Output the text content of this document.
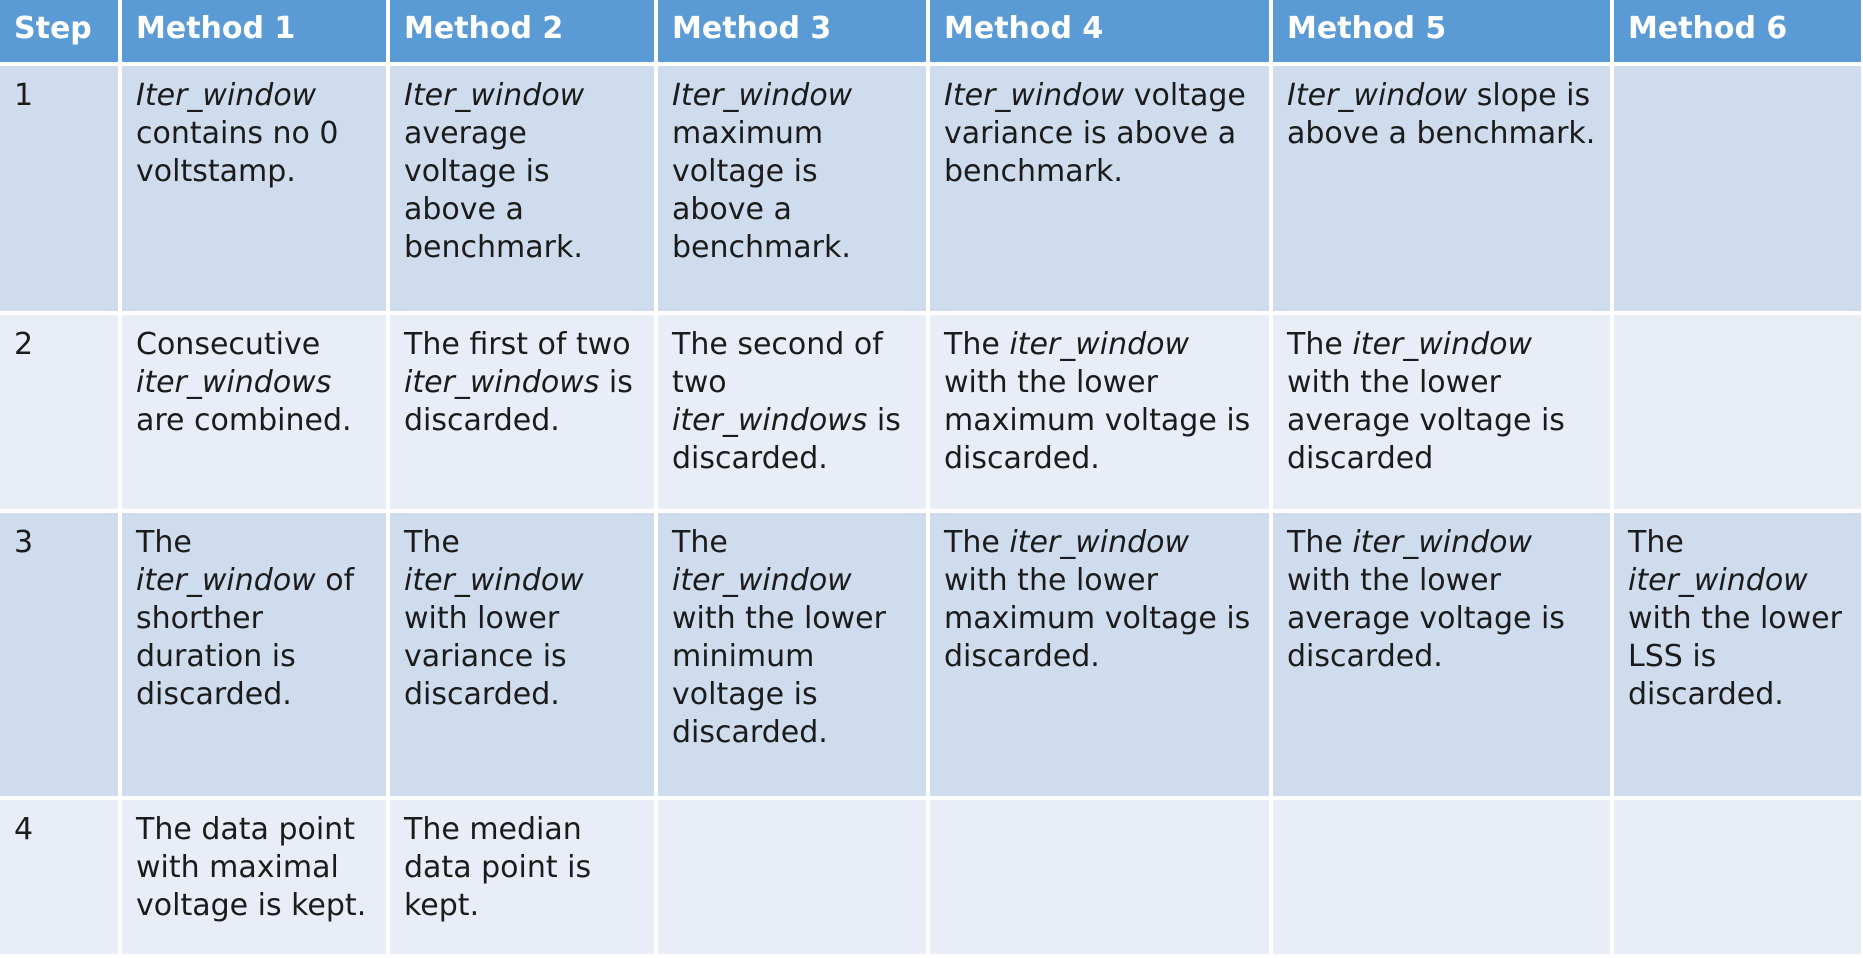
Step	Method 1	Method 2	Method 3	Method 4	Method 5	Method 6
1	Iter_window contains no 0 voltstamp.	Iter_window average voltage is above a benchmark.	Iter_window maximum voltage is above a benchmark.	Iter_window voltage variance is above a benchmark.	Iter_window slope is above a benchmark.	
2	Consecutive iter_windows are combined.	The first of two iter_windows is discarded.	The second of two iter_windows is discarded.	The iter_window with the lower maximum voltage is discarded.	The iter_window with the lower average voltage is discarded	
3	The iter_window of shorther duration is discarded.	The iter_window with lower variance is discarded.	The iter_window with the lower minimum voltage is discarded.	The iter_window with the lower maximum voltage is discarded.	The iter_window with the lower average voltage is discarded.	The iter_window with the lower LSS is discarded.
4	The data point with maximal voltage is kept.	The median data point is kept.				
